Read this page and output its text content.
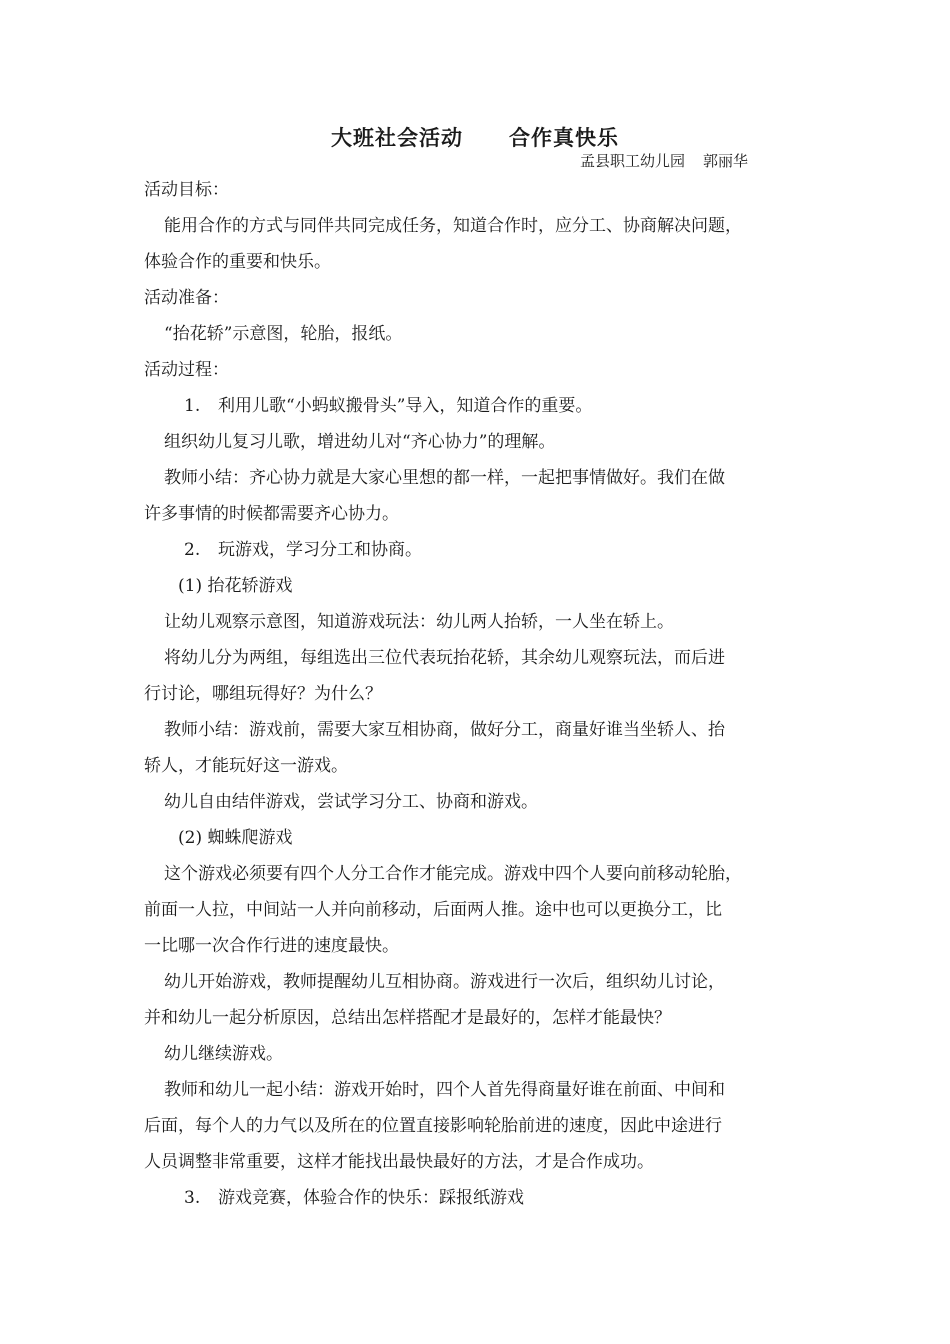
大班社会活动 合作真快乐
孟县职工幼儿园 郭丽华
活动目标：
能用合作的方式与同伴共同完成任务，知道合作时，应分工、协商解决问题，
体验合作的重要和快乐。
活动准备：
“抬花轿”示意图，轮胎，报纸。
活动过程：
1. 利用儿歌“小蚂蚁搬骨头”导入，知道合作的重要。
组织幼儿复习儿歌，增进幼儿对“齐心协力”的理解。
教师小结：齐心协力就是大家心里想的都一样，一起把事情做好。我们在做
许多事情的时候都需要齐心协力。
2. 玩游戏，学习分工和协商。
(1) 抬花轿游戏
让幼儿观察示意图，知道游戏玩法：幼儿两人抬轿，一人坐在轿上。
将幼儿分为两组，每组选出三位代表玩抬花轿，其余幼儿观察玩法，而后进
行讨论，哪组玩得好？为什么？
教师小结：游戏前，需要大家互相协商，做好分工，商量好谁当坐轿人、抬
轿人，才能玩好这一游戏。
幼儿自由结伴游戏，尝试学习分工、协商和游戏。
(2) 蜘蛛爬游戏
这个游戏必须要有四个人分工合作才能完成。游戏中四个人要向前移动轮胎，
前面一人拉，中间站一人并向前移动，后面两人推。途中也可以更换分工，比
一比哪一次合作行进的速度最快。
幼儿开始游戏，教师提醒幼儿互相协商。游戏进行一次后，组织幼儿讨论，
并和幼儿一起分析原因，总结出怎样搭配才是最好的，怎样才能最快？
幼儿继续游戏。
教师和幼儿一起小结：游戏开始时，四个人首先得商量好谁在前面、中间和
后面，每个人的力气以及所在的位置直接影响轮胎前进的速度，因此中途进行
人员调整非常重要，这样才能找出最快最好的方法，才是合作成功。
3. 游戏竞赛，体验合作的快乐：踩报纸游戏
